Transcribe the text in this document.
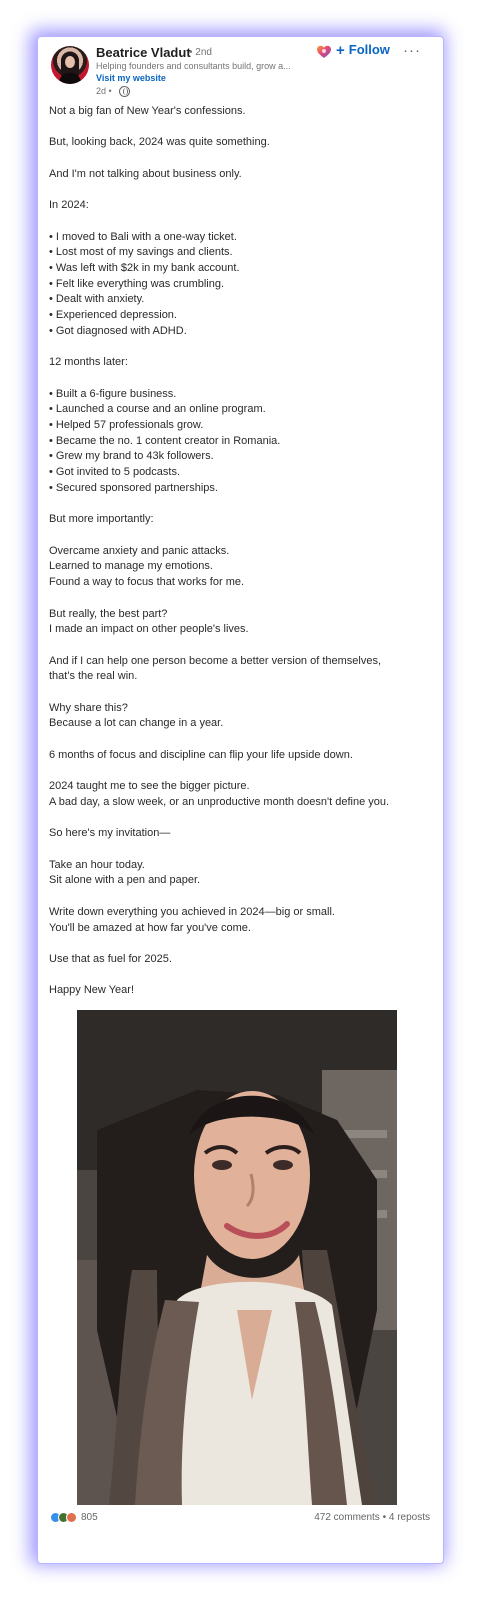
Beatrice Vladut
• 2nd
Helping founders and consultants build, grow a...
Visit my website
2d •
+ Follow ···
Not a big fan of New Year's confessions.

But, looking back, 2024 was quite something.

And I'm not talking about business only.

In 2024:

• I moved to Bali with a one-way ticket.
• Lost most of my savings and clients.
• Was left with $2k in my bank account.
• Felt like everything was crumbling.
• Dealt with anxiety.
• Experienced depression.
• Got diagnosed with ADHD.

12 months later:

• Built a 6-figure business.
• Launched a course and an online program.
• Helped 57 professionals grow.
• Became the no. 1 content creator in Romania.
• Grew my brand to 43k followers.
• Got invited to 5 podcasts.
• Secured sponsored partnerships.

But more importantly:

Overcame anxiety and panic attacks.
Learned to manage my emotions.
Found a way to focus that works for me.

But really, the best part?
I made an impact on other people's lives.

And if I can help one person become a better version of themselves,
that's the real win.

Why share this?
Because a lot can change in a year.

6 months of focus and discipline can flip your life upside down.

2024 taught me to see the bigger picture.
A bad day, a slow week, or an unproductive month doesn't define you.

So here's my invitation—

Take an hour today.
Sit alone with a pen and paper.

Write down everything you achieved in 2024—big or small.
You'll be amazed at how far you've come.

Use that as fuel for 2025.

Happy New Year!
805	472 comments • 4 reposts
